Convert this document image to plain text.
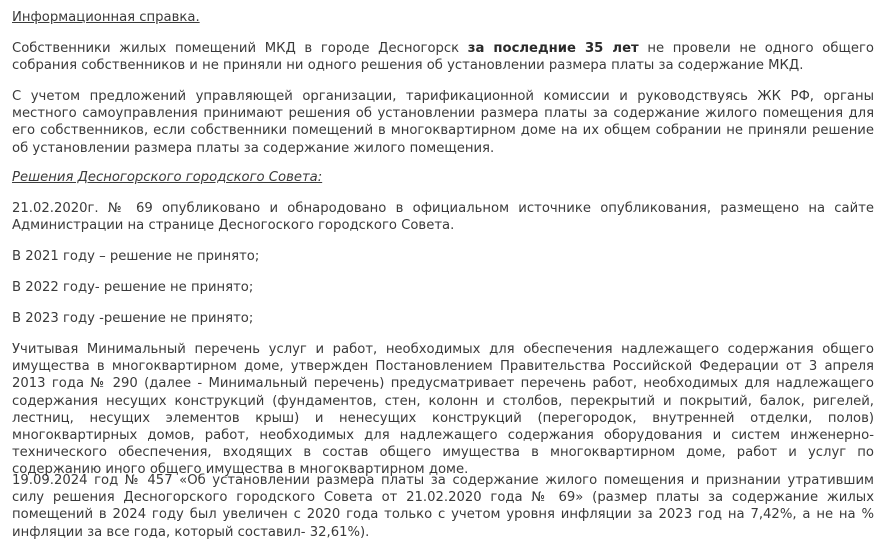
Информационная справка.

Собственники жилых помещений МКД в городе Десногорск за последние 35 лет не провели не одного общего собрания собственников и не приняли ни одного решения об установлении размера платы за содержание МКД.

С учетом предложений управляющей организации, тарификационной комиссии и руководствуясь ЖК РФ, органы местного самоуправления принимают решения об установлении размера платы за содержание жилого помещения для его собственников, если собственники помещений в многоквартирном доме на их общем собрании не приняли решение об установлении размера платы за содержание жилого помещения.

Решения Десногорского городского Совета:

21.02.2020г. № 69 опубликовано и обнародовано в официальном источнике опубликования, размещено на сайте Администрации на странице Десногоского городского Совета.

В 2021 году – решение не принято;

В 2022 году- решение не принято;

В 2023 году -решение не принято;

Учитывая Минимальный перечень услуг и работ, необходимых для обеспечения надлежащего содержания общего имущества в многоквартирном доме, утвержден Постановлением Правительства Российской Федерации от 3 апреля 2013 года № 290 (далее - Минимальный перечень) предусматривает перечень работ, необходимых для надлежащего содержания несущих конструкций (фундаментов, стен, колонн и столбов, перекрытий и покрытий, балок, ригелей, лестниц, несущих элементов крыш) и ненесущих конструкций (перегородок, внутренней отделки, полов) многоквартирных домов, работ, необходимых для надлежащего содержания оборудования и систем инженерно-технического обеспечения, входящих в состав общего имущества в многоквартирном доме, работ и услуг по содержанию иного общего имущества в многоквартирном доме.

19.09.2024 год № 457 «Об установлении размера платы за содержание жилого помещения и признании утратившим силу решения Десногорского городского Совета от 21.02.2020 года № 69» (размер платы за содержание жилых помещений в 2024 году был увеличен с 2020 года только с учетом уровня инфляции за 2023 год на 7,42%, а не на % инфляции за все года, который составил- 32,61%).
